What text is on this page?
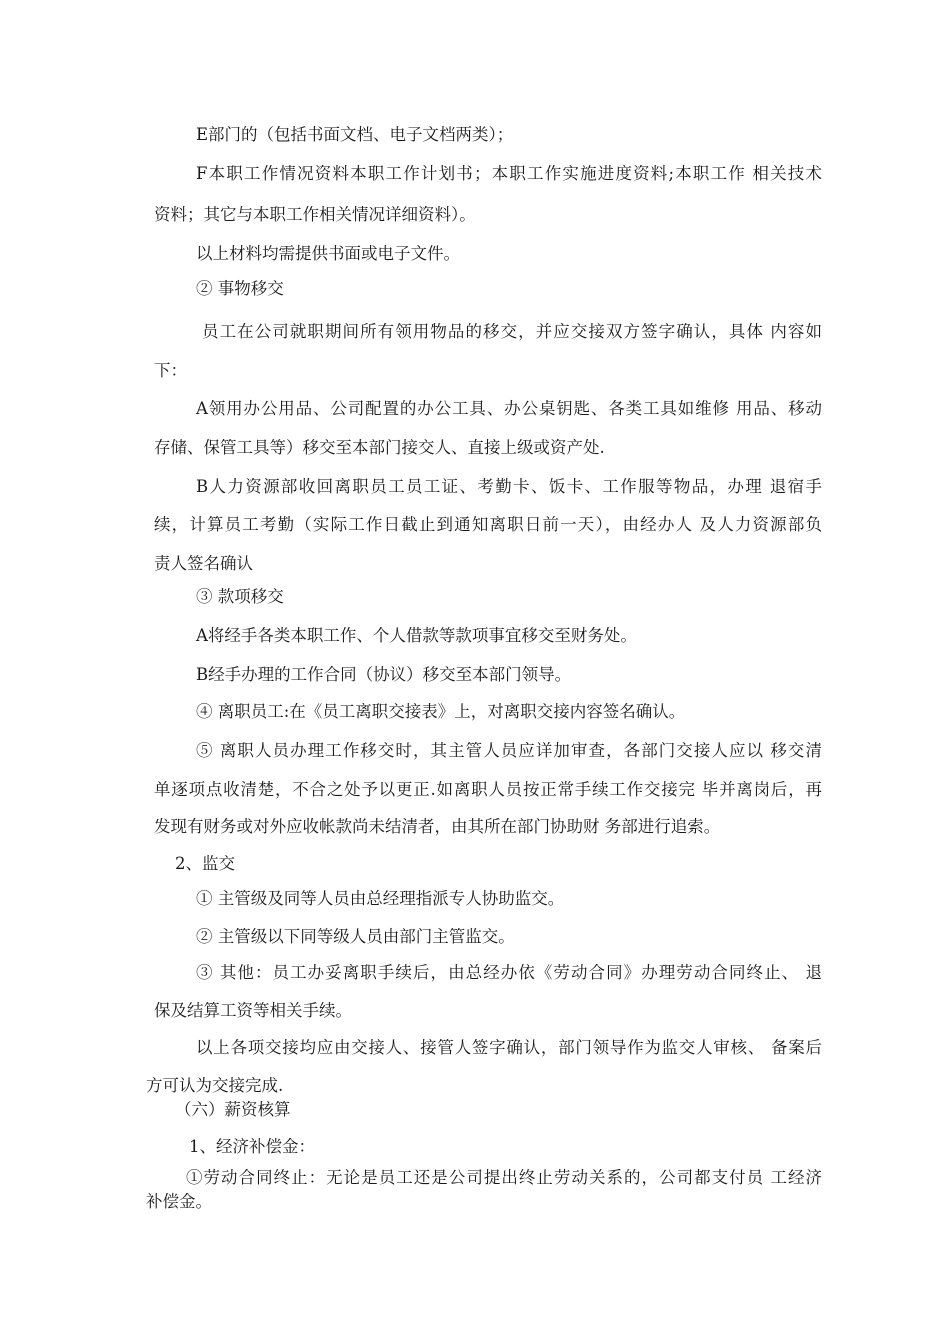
E部门的（包括书面文档、电子文档两类）；
F本职工作情况资料本职工作计划书；本职工作实施进度资料;本职工作 相关技术
资料；其它与本职工作相关情况详细资料）。
以上材料均需提供书面或电子文件。
② 事物移交
员工在公司就职期间所有领用物品的移交，并应交接双方签字确认，具体 内容如
下：
A领用办公用品、公司配置的办公工具、办公桌钥匙、各类工具如维修 用品、移动
存储、保管工具等）移交至本部门接交人、直接上级或资产处.
B人力资源部收回离职员工员工证、考勤卡、饭卡、工作服等物品，办理 退宿手
续，计算员工考勤（实际工作日截止到通知离职日前一天），由经办人 及人力资源部负
责人签名确认
③ 款项移交
A将经手各类本职工作、个人借款等款项事宜移交至财务处。
B经手办理的工作合同（协议）移交至本部门领导。
④ 离职员工:在《员工离职交接表》上，对离职交接内容签名确认。
⑤ 离职人员办理工作移交时，其主管人员应详加审查，各部门交接人应以 移交清
单逐项点收清楚，不合之处予以更正.如离职人员按正常手续工作交接完 毕并离岗后，再
发现有财务或对外应收帐款尚未结清者，由其所在部门协助财 务部进行追索。
2、监交
① 主管级及同等人员由总经理指派专人协助监交。
② 主管级以下同等级人员由部门主管监交。
③ 其他：员工办妥离职手续后，由总经办依《劳动合同》办理劳动合同终止、 退
保及结算工资等相关手续。
以上各项交接均应由交接人、接管人签字确认，部门领导作为监交人审核、 备案后
方可认为交接完成.
（六）薪资核算
1、经济补偿金：
①劳动合同终止：无论是员工还是公司提出终止劳动关系的，公司都支付员 工经济
补偿金。
